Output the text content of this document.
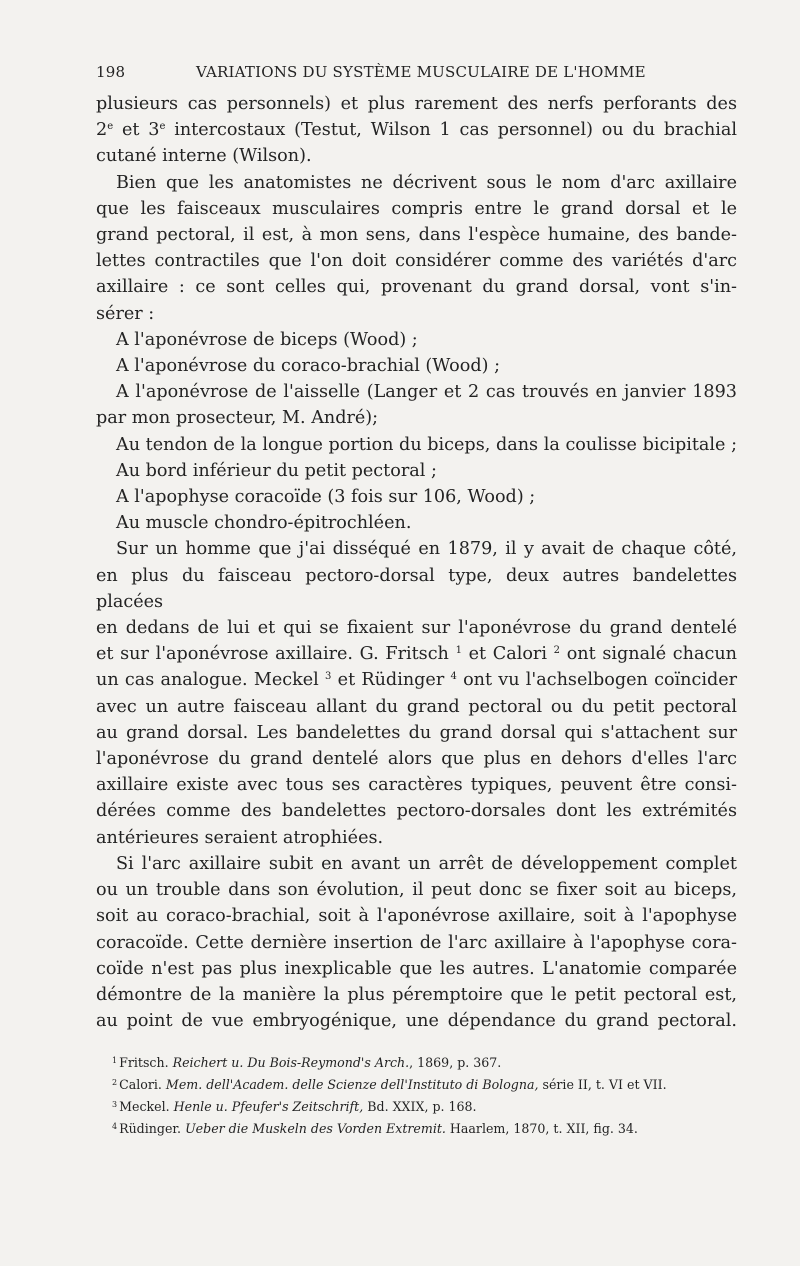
198	VARIATIONS DU SYSTÈME MUSCULAIRE DE L'HOMME
plusieurs cas personnels) et plus rarement des nerfs perforants des
2e et 3e intercostaux (Testut, Wilson 1 cas personnel) ou du brachial
cutané interne (Wilson).
Bien que les anatomistes ne décrivent sous le nom d'arc axillaire
que les faisceaux musculaires compris entre le grand dorsal et le
grand pectoral, il est, à mon sens, dans l'espèce humaine, des bande-
lettes contractiles que l'on doit considérer comme des variétés d'arc
axillaire : ce sont celles qui, provenant du grand dorsal, vont s'in-
sérer :
A l'aponévrose de biceps (Wood) ;
A l'aponévrose du coraco-brachial (Wood) ;
A l'aponévrose de l'aisselle (Langer et 2 cas trouvés en janvier 1893
par mon prosecteur, M. André);
Au tendon de la longue portion du biceps, dans la coulisse bicipitale ;
Au bord inférieur du petit pectoral ;
A l'apophyse coracoïde (3 fois sur 106, Wood) ;
Au muscle chondro-épitrochléen.
Sur un homme que j'ai disséqué en 1879, il y avait de chaque côté,
en plus du faisceau pectoro-dorsal type, deux autres bandelettes placées
en dedans de lui et qui se fixaient sur l'aponévrose du grand dentelé
et sur l'aponévrose axillaire. G. Fritsch $^1$ et Calori $^2$ ont signalé chacun
un cas analogue. Meckel $^3$ et Rüdinger $^4$ ont vu l'achselbogen coïncider
avec un autre faisceau allant du grand pectoral ou du petit pectoral
au grand dorsal. Les bandelettes du grand dorsal qui s'attachent sur
l'aponévrose du grand dentelé alors que plus en dehors d'elles l'arc
axillaire existe avec tous ses caractères typiques, peuvent être consi-
dérées comme des bandelettes pectoro-dorsales dont les extrémités
antérieures seraient atrophiées.
Si l'arc axillaire subit en avant un arrêt de développement complet
ou un trouble dans son évolution, il peut donc se fixer soit au biceps,
soit au coraco-brachial, soit à l'aponévrose axillaire, soit à l'apophyse
coracoïde. Cette dernière insertion de l'arc axillaire à l'apophyse cora-
coïde n'est pas plus inexplicable que les autres. L'anatomie comparée
démontre de la manière la plus péremptoire que le petit pectoral est,
au point de vue embryogénique, une dépendance du grand pectoral.
$^1$ Fritsch. Reichert u. Du Bois-Reymond's Arch., 1869, p. 367.
$^2$ Calori. Mem. dell'Academ. delle Scienze dell'Instituto di Bologna, série II, t. VI et VII.
$^3$ Meckel. Henle u. Pfeufer's Zeitschrift, Bd. XXIX, p. 168.
$^4$ Rüdinger. Ueber die Muskeln des Vorden Extremit. Haarlem, 1870, t. XII, fig. 34.
